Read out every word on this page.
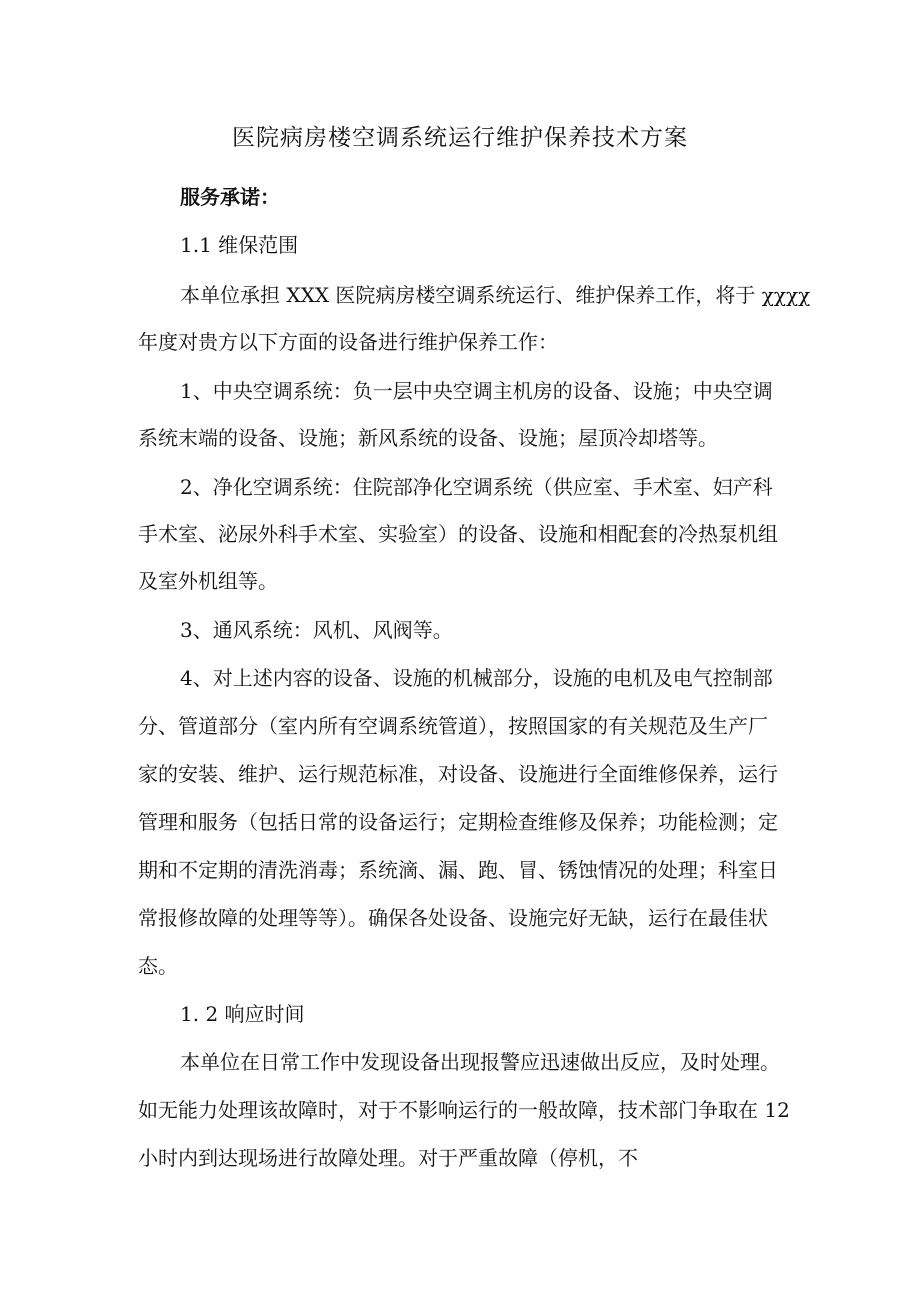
医院病房楼空调系统运行维护保养技术方案

服务承诺：

1.1 维保范围

本单位承担 XXX 医院病房楼空调系统运行、维护保养工作，将于 χχχχ

年度对贵方以下方面的设备进行维护保养工作：

1、中央空调系统：负一层中央空调主机房的设备、设施；中央空调

系统末端的设备、设施；新风系统的设备、设施；屋顶冷却塔等。

2、净化空调系统：住院部净化空调系统（供应室、手术室、妇产科

手术室、泌尿外科手术室、实验室）的设备、设施和相配套的冷热泵机组

及室外机组等。

3、通风系统：风机、风阀等。

4、对上述内容的设备、设施的机械部分，设施的电机及电气控制部

分、管道部分（室内所有空调系统管道），按照国家的有关规范及生产厂

家的安装、维护、运行规范标准，对设备、设施进行全面维修保养，运行

管理和服务（包括日常的设备运行；定期检查维修及保养；功能检测；定

期和不定期的清洗消毒；系统滴、漏、跑、冒、锈蚀情况的处理；科室日

常报修故障的处理等等）。确保各处设备、设施完好无缺，运行在最佳状

态。

1. 2 响应时间

本单位在日常工作中发现设备出现报警应迅速做出反应，及时处理。

如无能力处理该故障时，对于不影响运行的一般故障，技术部门争取在 12

小时内到达现场进行故障处理。对于严重故障（停机，不
